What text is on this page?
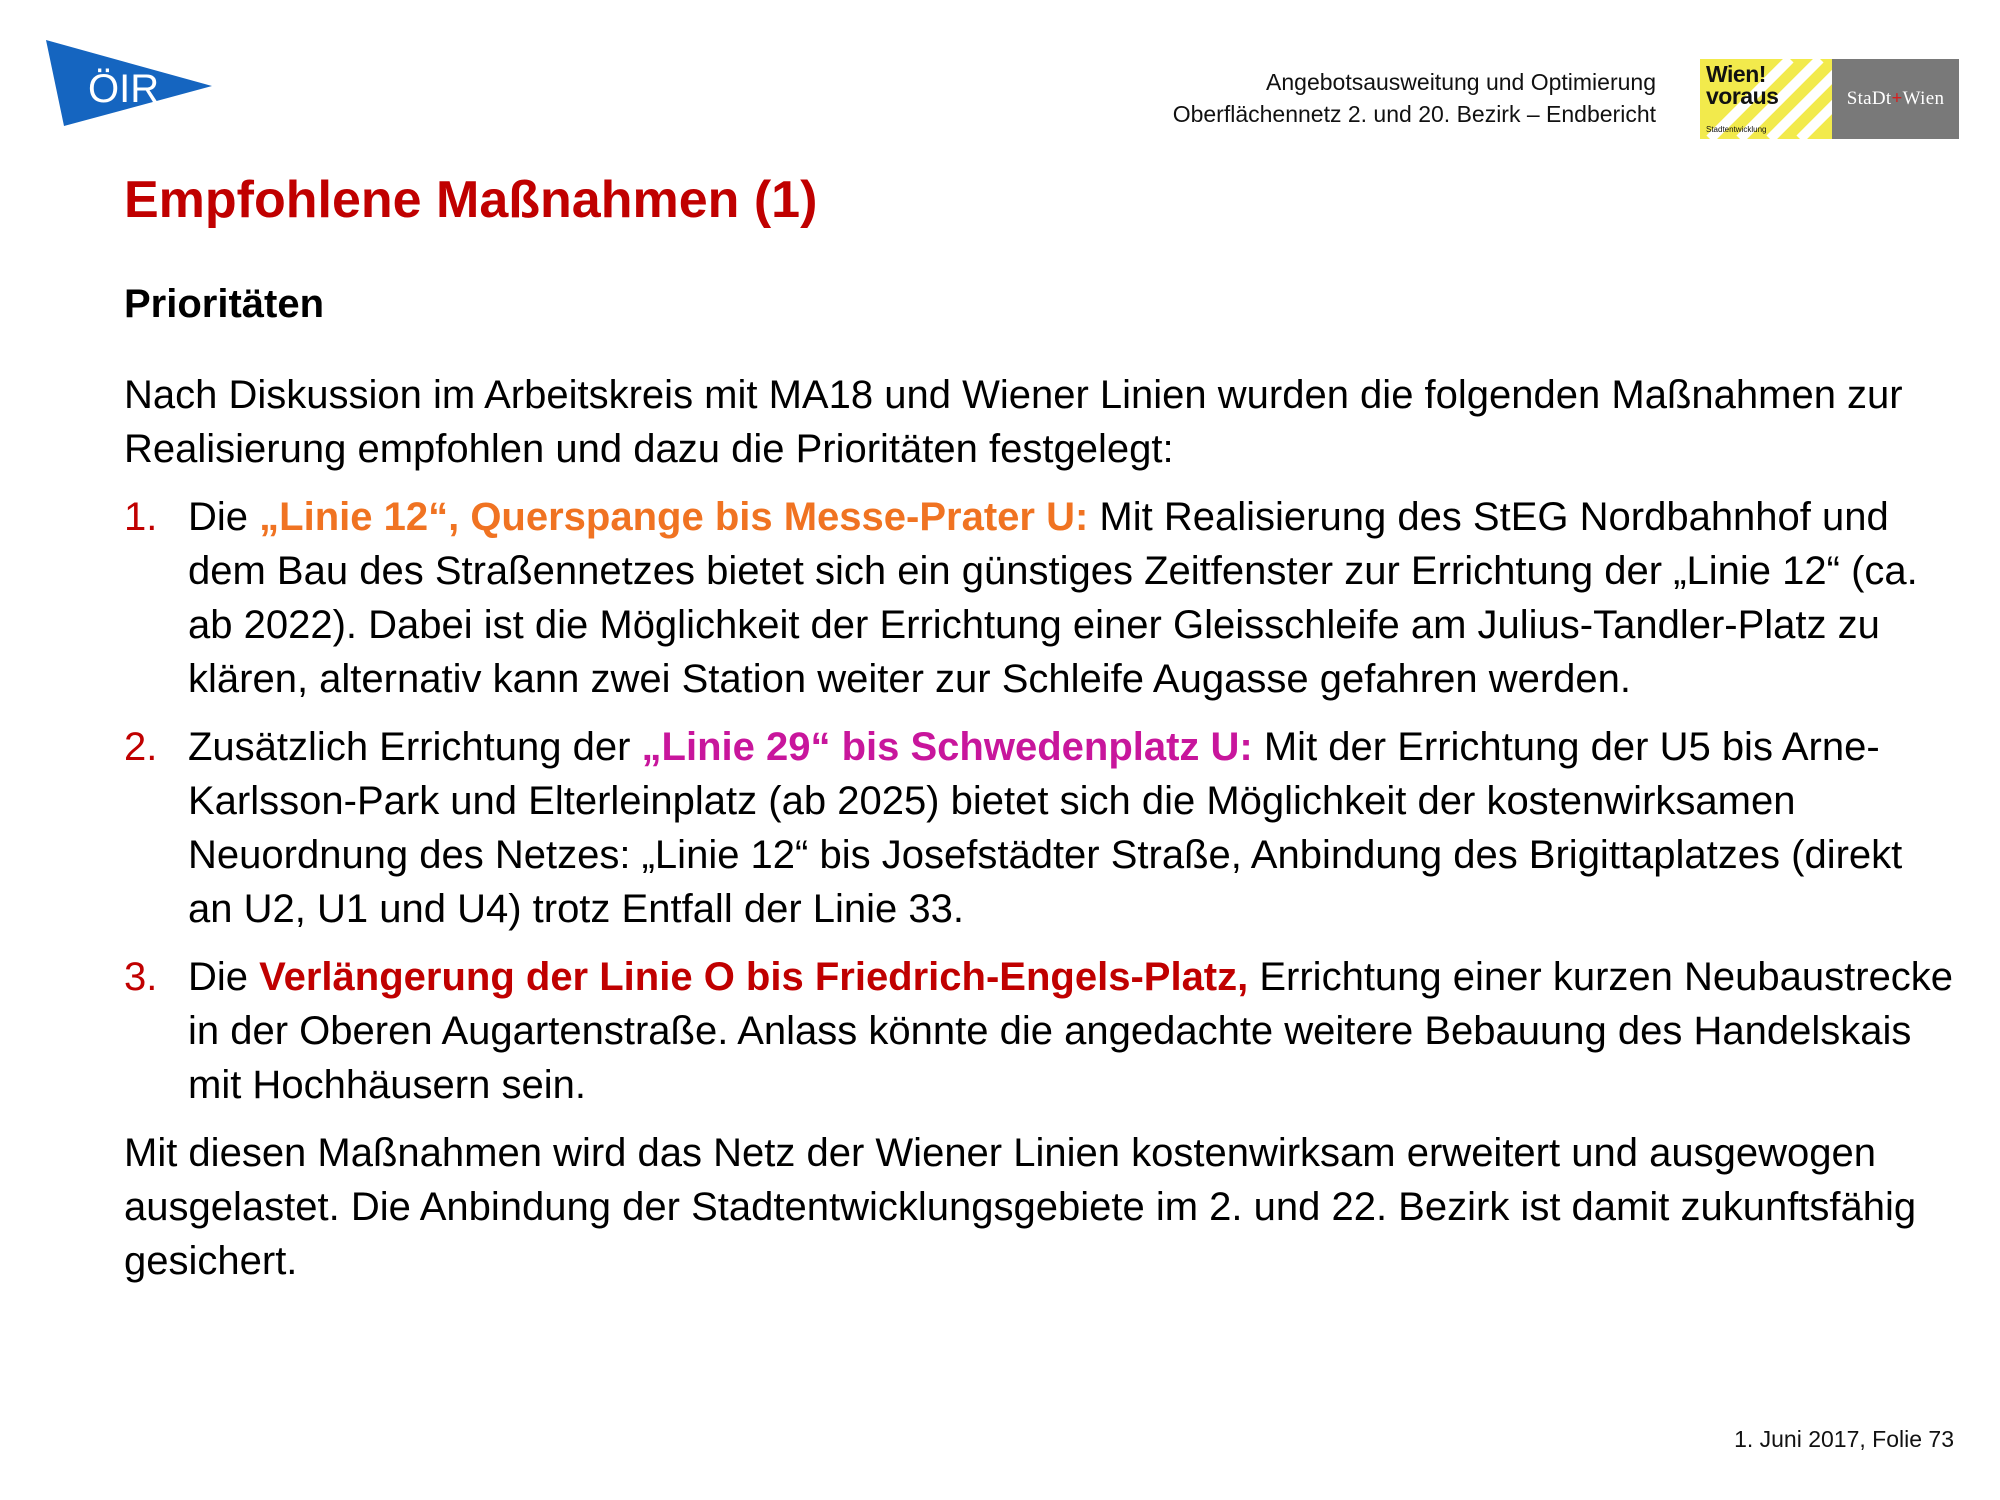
ÖIR	Angebotsausweitung und Optimierung
Oberflächennetz 2. und 20. Bezirk – Endbericht
Wien!
voraus
Stadtentwicklung
StaDt + Wien
Empfohlene Maßnahmen (1)
Prioritäten

Nach Diskussion im Arbeitskreis mit MA18 und Wiener Linien wurden die folgenden Maßnahmen zur Realisierung empfohlen und dazu die Prioritäten festgelegt:

1. Die „Linie 12“, Querspange bis Messe-Prater U: Mit Realisierung des StEG Nordbahnhof und dem Bau des Straßennetzes bietet sich ein günstiges Zeitfenster zur Errichtung der „Linie 12“ (ca. ab 2022). Dabei ist die Möglichkeit der Errichtung einer Gleisschleife am Julius-Tandler-Platz zu klären, alternativ kann zwei Station weiter zur Schleife Augasse gefahren werden.
2. Zusätzlich Errichtung der „Linie 29“ bis Schwedenplatz U: Mit der Errichtung der U5 bis Arne-Karlsson-Park und Elterleinplatz (ab 2025) bietet sich die Möglichkeit der kostenwirksamen Neuordnung des Netzes: „Linie 12“ bis Josefstädter Straße, Anbindung des Brigittaplatzes (direkt an U2, U1 und U4) trotz Entfall der Linie 33.
3. Die Verlängerung der Linie O bis Friedrich-Engels-Platz, Errichtung einer kurzen Neubaustrecke in der Oberen Augartenstraße. Anlass könnte die angedachte weitere Bebauung des Handelskais mit Hochhäusern sein.

Mit diesen Maßnahmen wird das Netz der Wiener Linien kostenwirksam erweitert und ausgewogen ausgelastet. Die Anbindung der Stadtentwicklungsgebiete im 2. und 22. Bezirk ist damit zukunftsfähig gesichert.

1. Juni 2017, Folie 73
